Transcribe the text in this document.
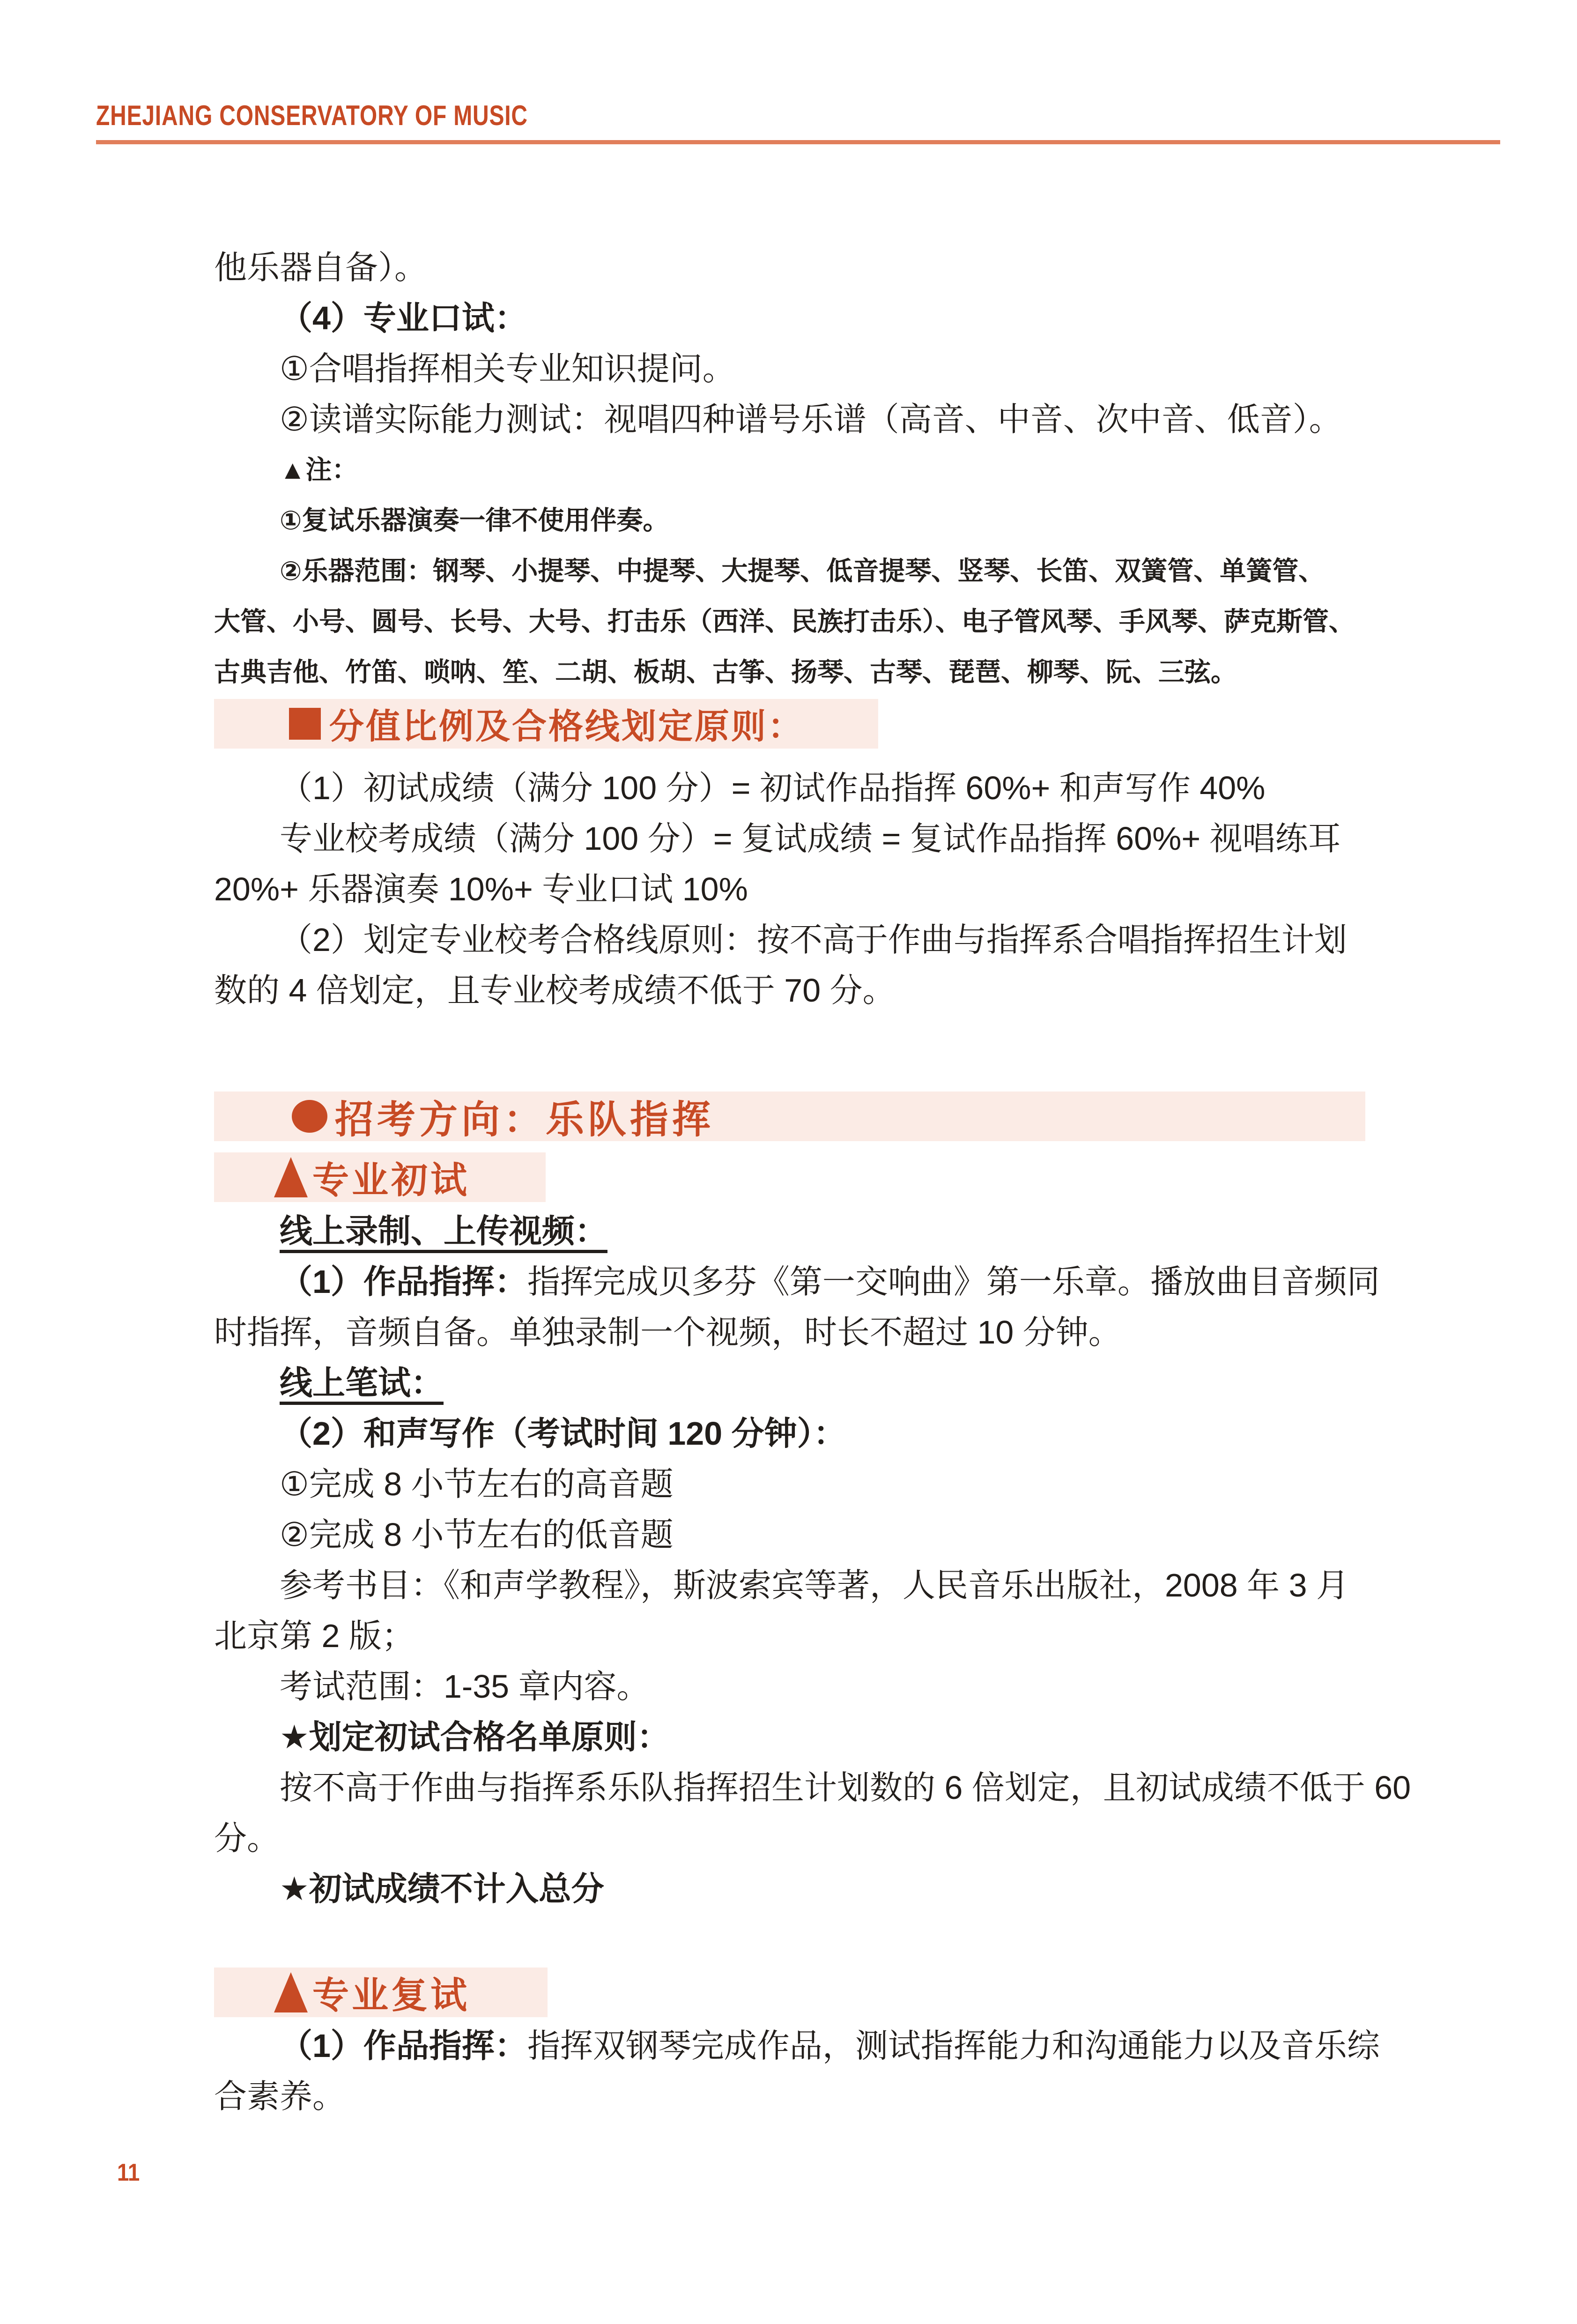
ZHEJIANG CONSERVATORY OF MUSIC

他乐器自备）。

（4）专业口试：

①合唱指挥相关专业知识提问。

②读谱实际能力测试：视唱四种谱号乐谱（高音、中音、次中音、低音）。

▲注：

①复试乐器演奏一律不使用伴奏。

②乐器范围：钢琴、小提琴、中提琴、大提琴、低音提琴、竖琴、长笛、双簧管、单簧管、

大管、小号、圆号、长号、大号、打击乐（西洋、民族打击乐）、电子管风琴、手风琴、萨克斯管、

古典吉他、竹笛、唢呐、笙、二胡、板胡、古筝、扬琴、古琴、琵琶、柳琴、阮、三弦。

分值比例及合格线划定原则：

（1）初试成绩（满分 100 分）= 初试作品指挥 60%+ 和声写作 40%

专业校考成绩（满分 100 分）= 复试成绩 = 复试作品指挥 60%+ 视唱练耳

20%+ 乐器演奏 10%+ 专业口试 10%

（2）划定专业校考合格线原则：按不高于作曲与指挥系合唱指挥招生计划

数的 4 倍划定，且专业校考成绩不低于 70 分。

招考方向：乐队指挥
专业初试

线上录制、上传视频：

（1）作品指挥：指挥完成贝多芬《第一交响曲》第一乐章。播放曲目音频同

时指挥，音频自备。单独录制一个视频，时长不超过 10 分钟。

线上笔试：

（2）和声写作（考试时间 120 分钟）：

①完成 8 小节左右的高音题

②完成 8 小节左右的低音题

参考书目：《和声学教程》，斯波索宾等著，人民音乐出版社，2008 年 3 月

北京第 2 版；

考试范围：1-35 章内容。

★划定初试合格名单原则：

按不高于作曲与指挥系乐队指挥招生计划数的 6 倍划定，且初试成绩不低于 60

分。

★初试成绩不计入总分

专业复试

（1）作品指挥：指挥双钢琴完成作品，测试指挥能力和沟通能力以及音乐综

合素养。

11
